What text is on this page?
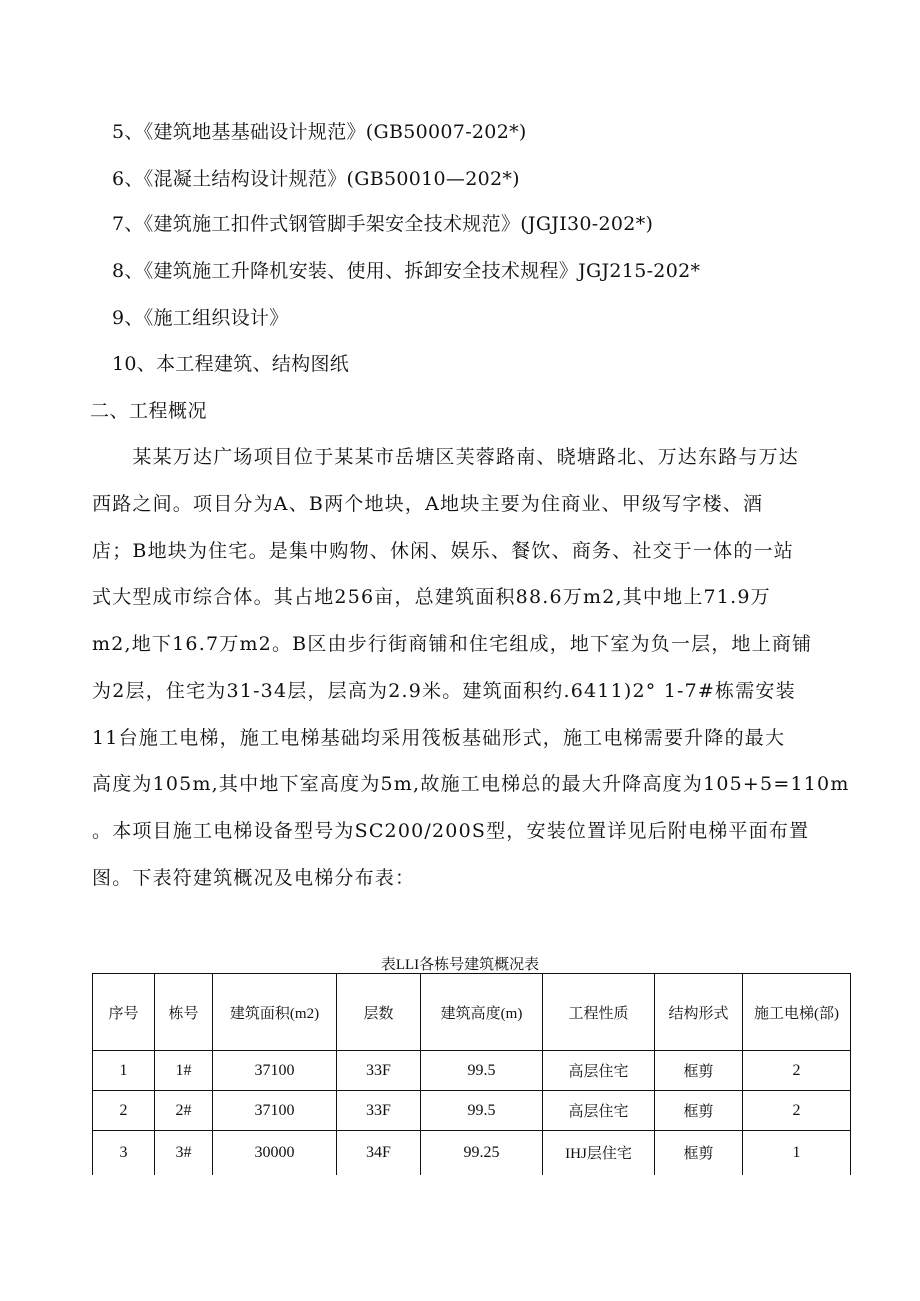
5、《建筑地基基础设计规范》(GB50007-202*)
6、《混凝土结构设计规范》(GB50010—202*)
7、《建筑施工扣件式钢管脚手架安全技术规范》(JGJI30-202*)
8、《建筑施工升降机安装、使用、拆卸安全技术规程》JGJ215-202*
9、《施工组织设计》
10、本工程建筑、结构图纸
二、工程概况
　　某某万达广场项目位于某某市岳塘区芙蓉路南、晓塘路北、万达东路与万达
西路之间。项目分为A、B两个地块，A地块主要为住商业、甲级写字楼、酒
店；B地块为住宅。是集中购物、休闲、娱乐、餐饮、商务、社交于一体的一站
式大型成市综合体。其占地256亩，总建筑面积88.6万m2,其中地上71.9万
m2,地下16.7万m2。B区由步行街商铺和住宅组成，地下室为负一层，地上商铺
为2层，住宅为31-34层，层高为2.9米。建筑面积约.6411)2° 1-7#栋需安装
11台施工电梯，施工电梯基础均采用筏板基础形式，施工电梯需要升降的最大
高度为105m,其中地下室高度为5m,故施工电梯总的最大升降高度为105+5=110m
。本项目施工电梯设备型号为SC200/200S型，安装位置详见后附电梯平面布置
图。下表符建筑概况及电梯分布表：
表LLI各栋号建筑概况表
序号	栋号	建筑面积(m2)	层数	建筑高度(m)	工程性质	结构形式	施工电梯(部)
1	1#	37100	33F	99.5	高层住宅	框剪	2
2	2#	37100	33F	99.5	高层住宅	框剪	2
3	3#	30000	34F	99.25	IHJ层住宅	框剪	1
